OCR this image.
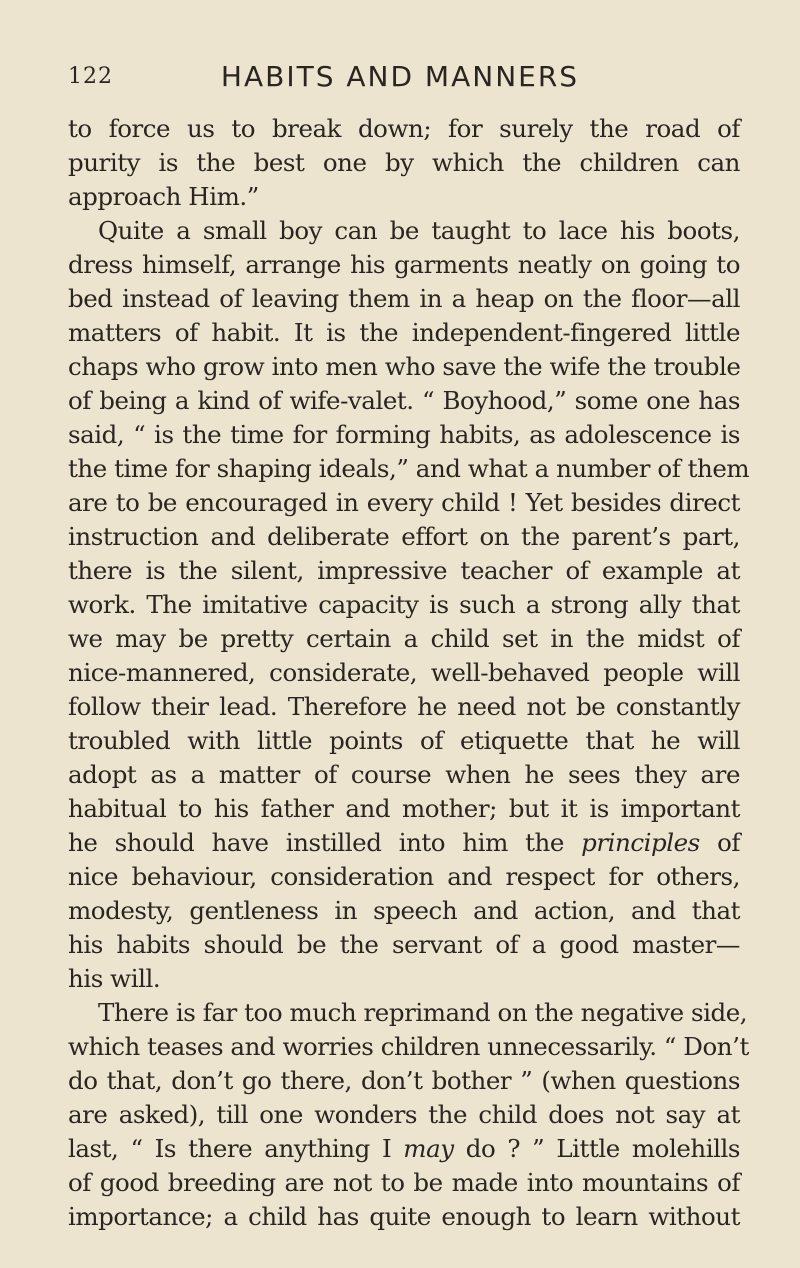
122	HABITS AND MANNERS
to force us to break down; for surely the road of
purity is the best one by which the children can
approach Him.”
Quite a small boy can be taught to lace his boots,
dress himself, arrange his garments neatly on going to
bed instead of leaving them in a heap on the floor—all
matters of habit. It is the independent-fingered little
chaps who grow into men who save the wife the trouble
of being a kind of wife-valet. “ Boyhood,” some one has
said, “ is the time for forming habits, as adolescence is
the time for shaping ideals,” and what a number of them
are to be encouraged in every child ! Yet besides direct
instruction and deliberate effort on the parent’s part,
there is the silent, impressive teacher of example at
work. The imitative capacity is such a strong ally that
we may be pretty certain a child set in the midst of
nice-mannered, considerate, well-behaved people will
follow their lead. Therefore he need not be constantly
troubled with little points of etiquette that he will
adopt as a matter of course when he sees they are
habitual to his father and mother; but it is important
he should have instilled into him the principles of
nice behaviour, consideration and respect for others,
modesty, gentleness in speech and action, and that
his habits should be the servant of a good master—
his will.
There is far too much reprimand on the negative side,
which teases and worries children unnecessarily. “ Don’t
do that, don’t go there, don’t bother ” (when questions
are asked), till one wonders the child does not say at
last, “ Is there anything I may do ? ” Little molehills
of good breeding are not to be made into mountains of
importance; a child has quite enough to learn without
